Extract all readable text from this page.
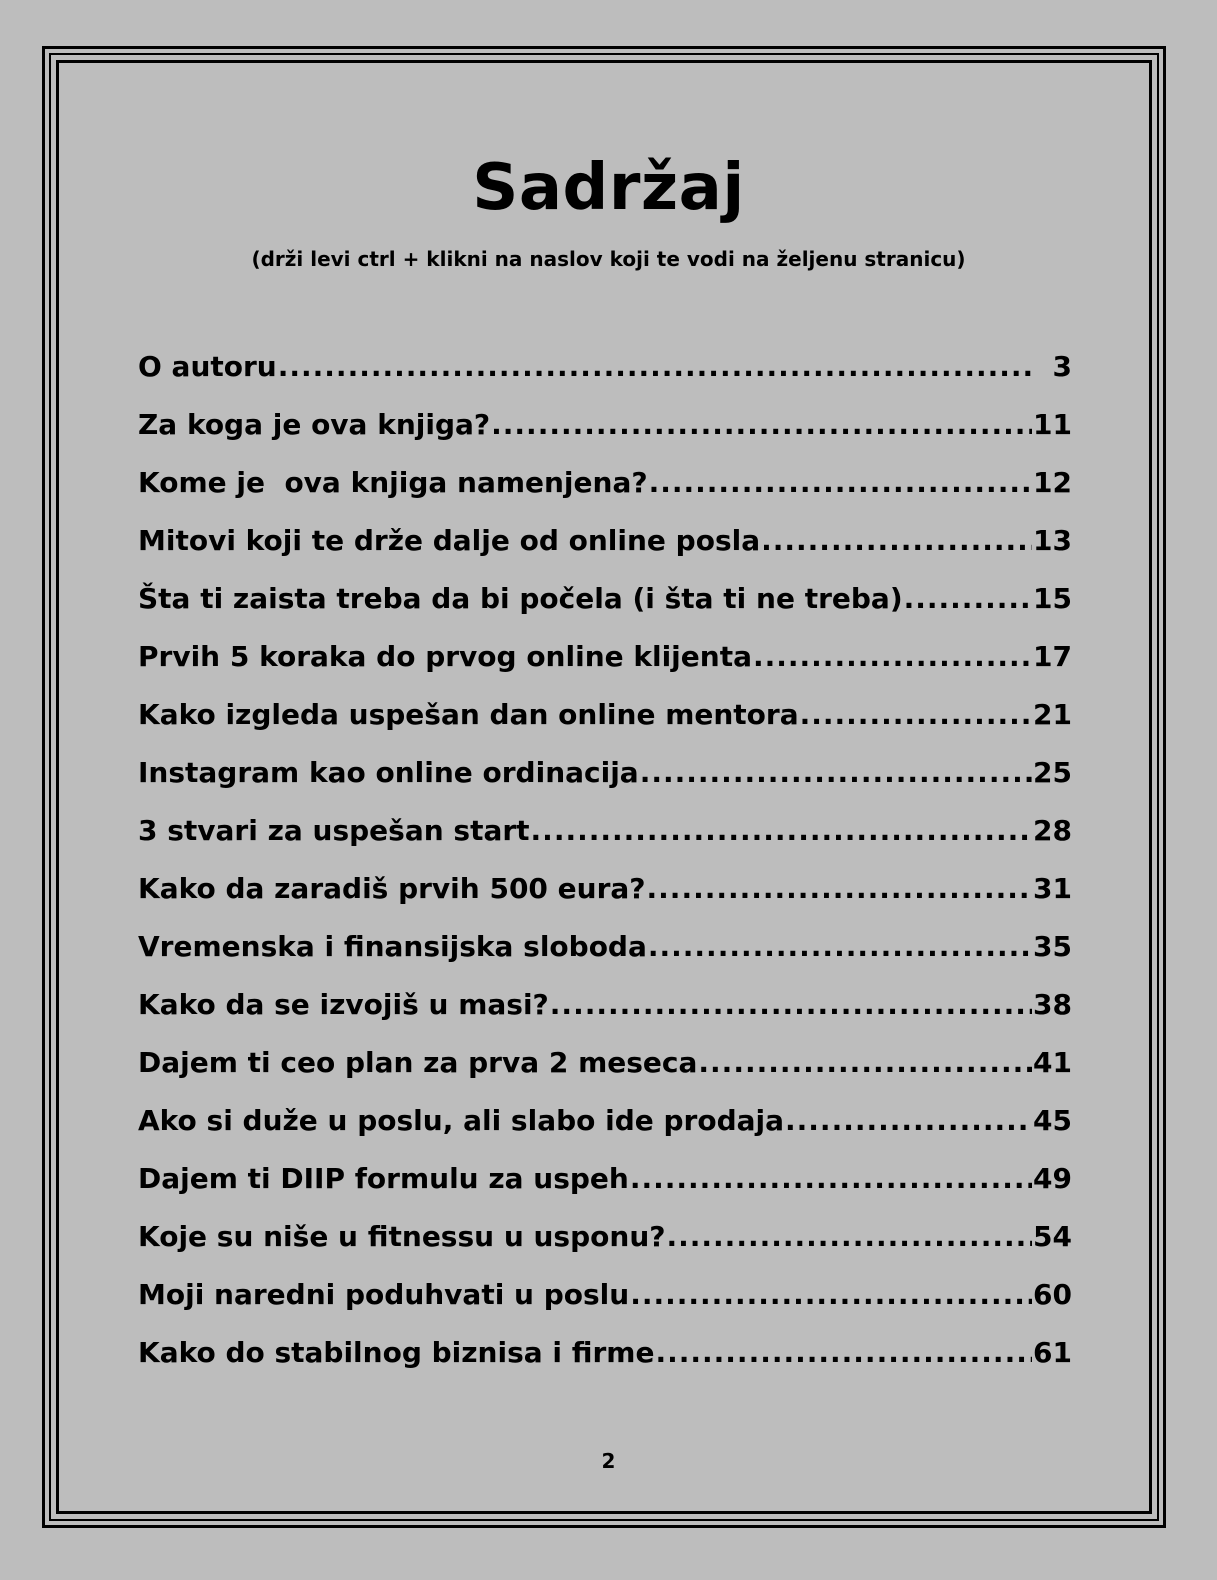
Sadržaj
(drži levi ctrl + klikni na naslov koji te vodi na željenu stranicu)
O autoru .....	3
Za koga je ova knjiga? .....	11
Kome je  ova knjiga namenjena? .....	12
Mitovi koji te drže dalje od online posla .....	13
Šta ti zaista treba da bi počela (i šta ti ne treba) .....	15
Prvih 5 koraka do prvog online klijenta .....	17
Kako izgleda uspešan dan online mentora .....	21
Instagram kao online ordinacija .....	25
3 stvari za uspešan start .....	28
Kako da zaradiš prvih 500 eura? .....	31
Vremenska i finansijska sloboda .....	35
Kako da se izvojiš u masi? .....	38
Dajem ti ceo plan za prva 2 meseca .....	41
Ako si duže u poslu, ali slabo ide prodaja .....	45
Dajem ti DIIP formulu za uspeh .....	49
Koje su niše u fitnessu u usponu? .....	54
Moji naredni poduhvati u poslu .....	60
Kako do stabilnog biznisa i firme .....	61
2
